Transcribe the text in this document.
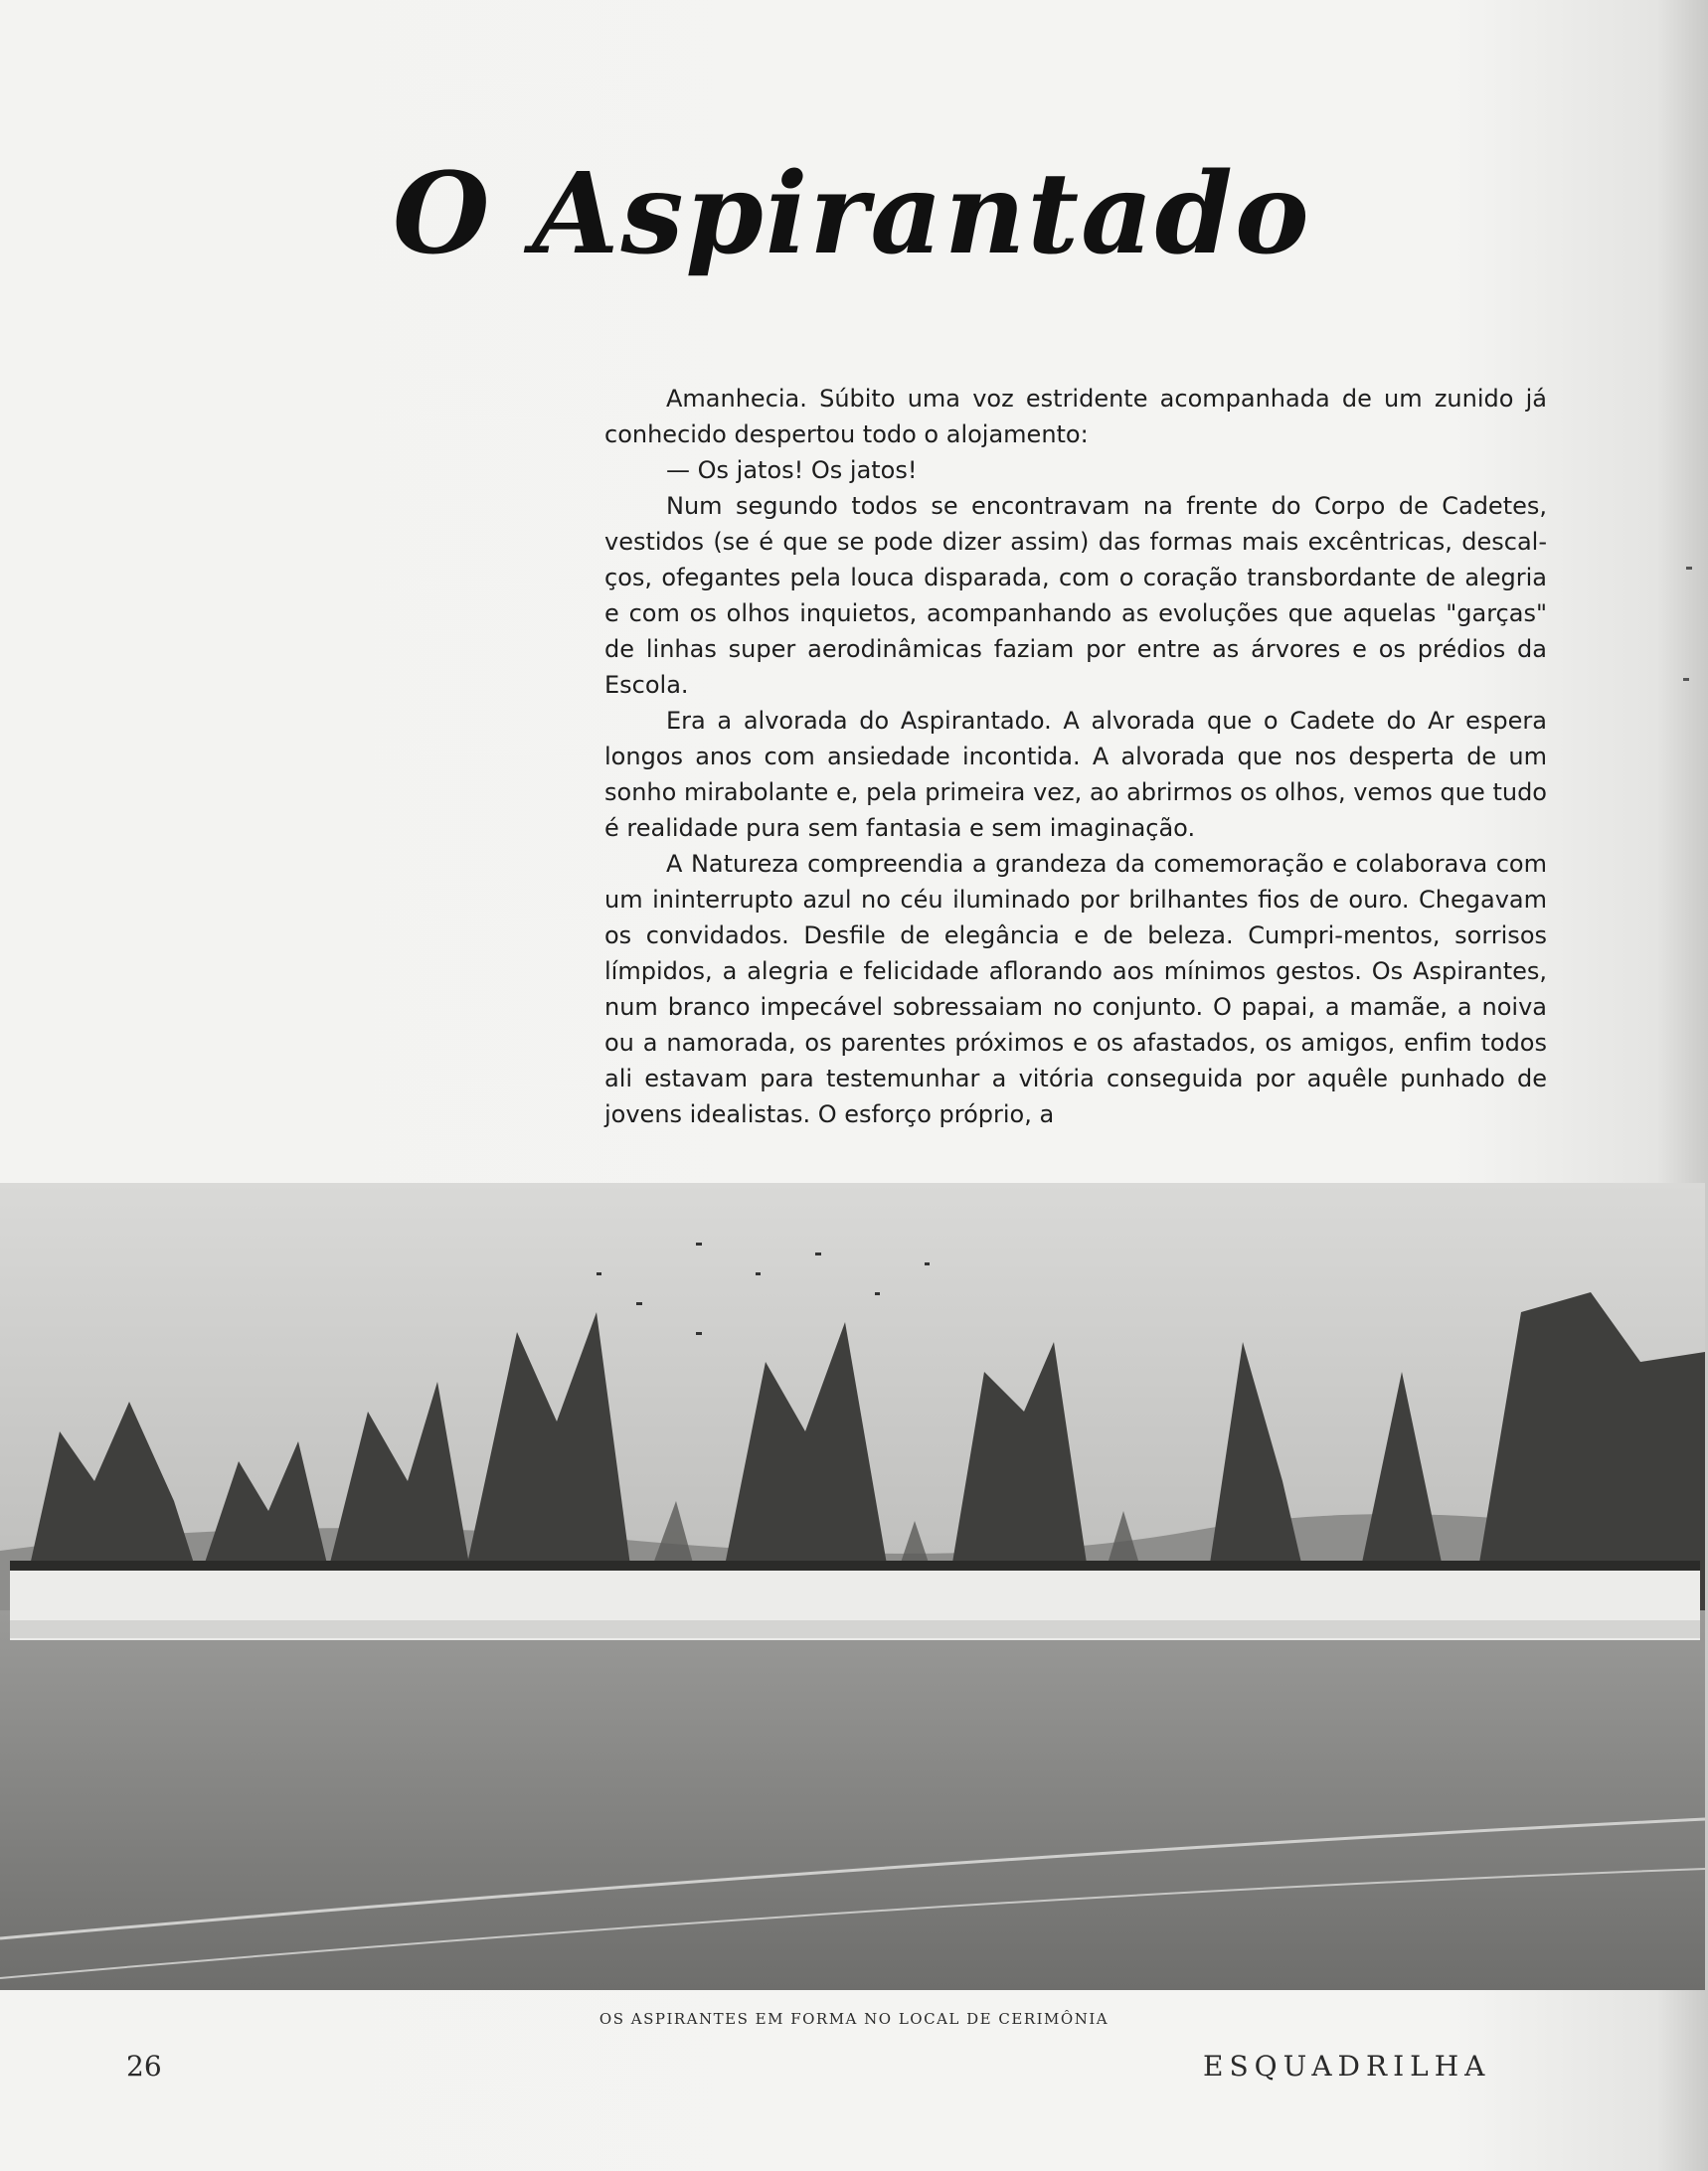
O Aspirantado

Amanhecia. Súbito uma voz estridente acompanhada de um zunido já conhecido despertou todo o alojamento:

— Os jatos! Os jatos!

Num segundo todos se encontravam na frente do Corpo de Cadetes, vestidos (se é que se pode dizer assim) das formas mais excêntricas, descal-ços, ofegantes pela louca disparada, com o coração transbordante de alegria e com os olhos inquietos, acompanhando as evoluções que aquelas "garças" de linhas super aerodinâmicas faziam por entre as árvores e os prédios da Escola.

Era a alvorada do Aspirantado. A alvorada que o Cadete do Ar espera longos anos com ansiedade incontida. A alvorada que nos desperta de um sonho mirabolante e, pela primeira vez, ao abrirmos os olhos, vemos que tudo é realidade pura sem fantasia e sem imaginação.

A Natureza compreendia a grandeza da comemoração e colaborava com um ininterrupto azul no céu iluminado por brilhantes fios de ouro. Chegavam os convidados. Desfile de elegância e de beleza. Cumpri-mentos, sorrisos límpidos, a alegria e felicidade aflorando aos mínimos gestos. Os Aspirantes, num branco impecável sobressaiam no conjunto. O papai, a mamãe, a noiva ou a namorada, os parentes próximos e os afastados, os amigos, enfim todos ali estavam para testemunhar a vitória conseguida por aquêle punhado de jovens idealistas. O esforço próprio, a

OS ASPIRANTES EM FORMA NO LOCAL DE CERIMÔNIA
26	ESQUADRILHA
